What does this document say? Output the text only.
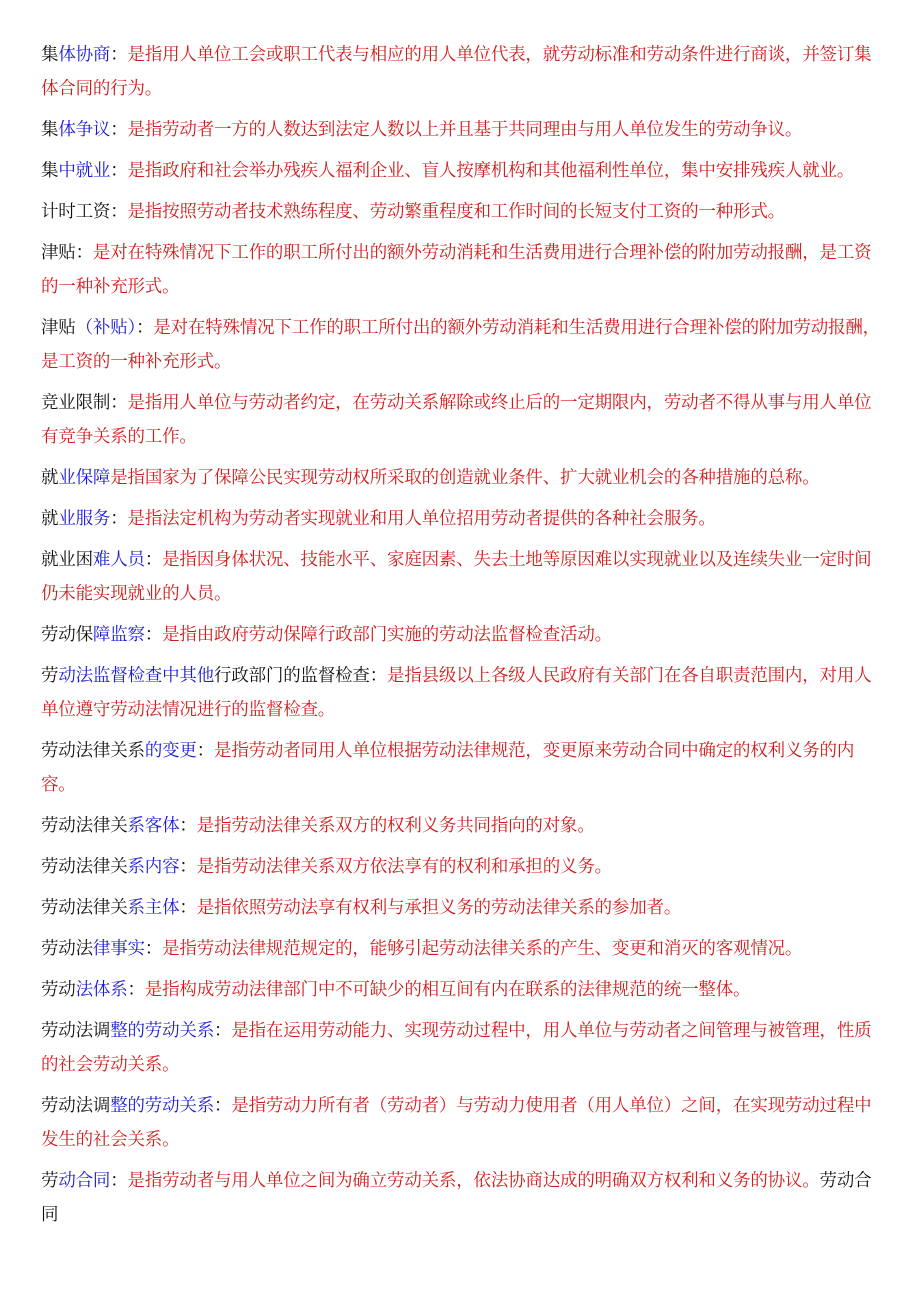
集体协商：是指用人单位工会或职工代表与相应的用人单位代表，就劳动标准和劳动条件进行商谈，并签订集体合同的行为。

集体争议：是指劳动者一方的人数达到法定人数以上并且基于共同理由与用人单位发生的劳动争议。

集中就业：是指政府和社会举办残疾人福利企业、盲人按摩机构和其他福利性单位，集中安排残疾人就业。

计时工资：是指按照劳动者技术熟练程度、劳动繁重程度和工作时间的长短支付工资的一种形式。

津贴：是对在特殊情况下工作的职工所付出的额外劳动消耗和生活费用进行合理补偿的附加劳动报酬，是工资的一种补充形式。

津贴（补贴）：是对在特殊情况下工作的职工所付出的额外劳动消耗和生活费用进行合理补偿的附加劳动报酬，是工资的一种补充形式。

竞业限制：是指用人单位与劳动者约定，在劳动关系解除或终止后的一定期限内，劳动者不得从事与用人单位有竞争关系的工作。

就业保障是指国家为了保障公民实现劳动权所采取的创造就业条件、扩大就业机会的各种措施的总称。

就业服务：是指法定机构为劳动者实现就业和用人单位招用劳动者提供的各种社会服务。

就业困难人员：是指因身体状况、技能水平、家庭因素、失去土地等原因难以实现就业以及连续失业一定时间仍未能实现就业的人员。

劳动保障监察：是指由政府劳动保障行政部门实施的劳动法监督检查活动。

劳动法监督检查中其他行政部门的监督检查：是指县级以上各级人民政府有关部门在各自职责范围内，对用人单位遵守劳动法情况进行的监督检查。

劳动法律关系的变更：是指劳动者同用人单位根据劳动法律规范，变更原来劳动合同中确定的权利义务的内容。

劳动法律关系客体：是指劳动法律关系双方的权利义务共同指向的对象。

劳动法律关系内容：是指劳动法律关系双方依法享有的权利和承担的义务。

劳动法律关系主体：是指依照劳动法享有权利与承担义务的劳动法律关系的参加者。

劳动法律事实：是指劳动法律规范规定的，能够引起劳动法律关系的产生、变更和消灭的客观情况。

劳动法体系：是指构成劳动法律部门中不可缺少的相互间有内在联系的法律规范的统一整体。

劳动法调整的劳动关系：是指在运用劳动能力、实现劳动过程中，用人单位与劳动者之间管理与被管理，性质的社会劳动关系。

劳动法调整的劳动关系：是指劳动力所有者（劳动者）与劳动力使用者（用人单位）之间，在实现劳动过程中发生的社会关系。

劳动合同：是指劳动者与用人单位之间为确立劳动关系，依法协商达成的明确双方权利和义务的协议。劳动合同
